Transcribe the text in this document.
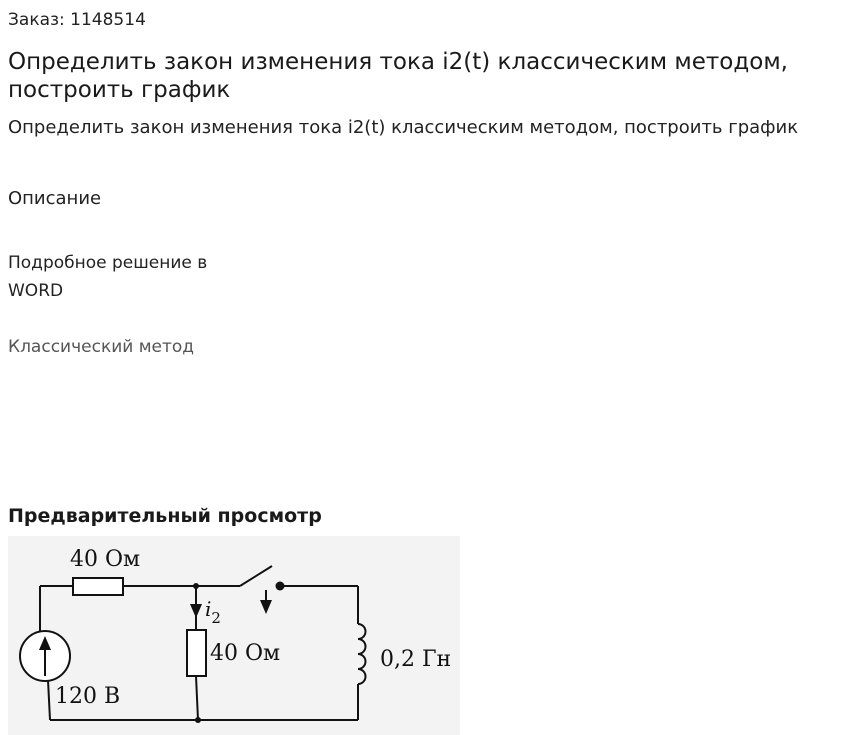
Заказ: 1148514
Определить закон изменения тока i2(t) классическим методом, построить график
Определить закон изменения тока i2(t) классическим методом, построить график
Описание
Подробное решение в WORD
Классический метод
Предварительный просмотр
40 Ом
40 Ом	0,2 Гн
120 В
$i_2$
